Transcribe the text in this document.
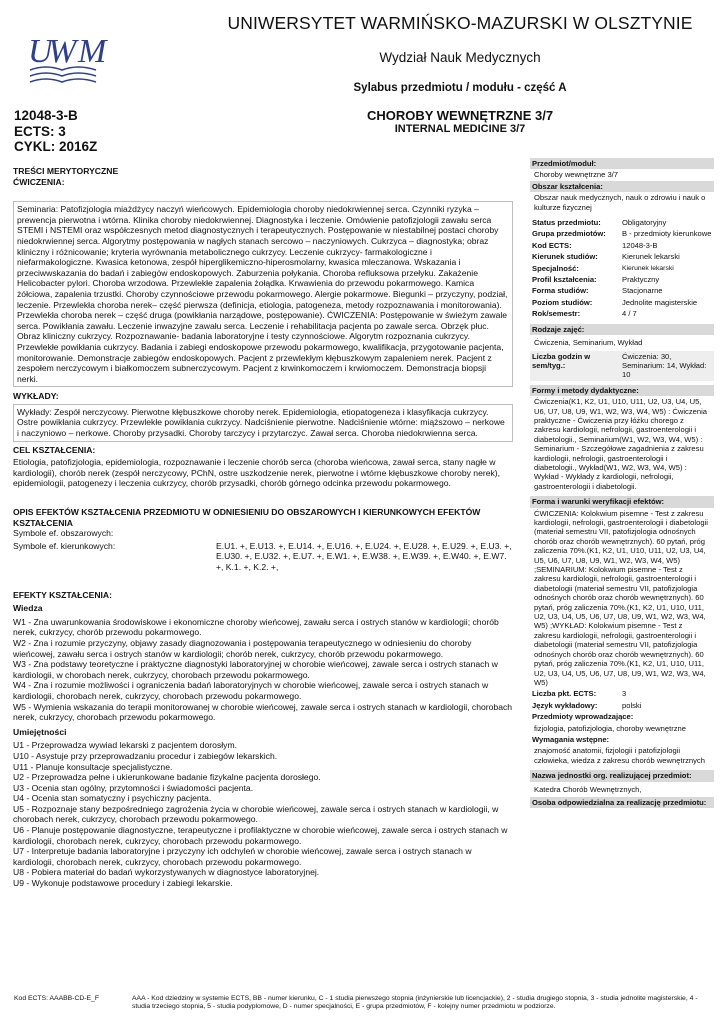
U
W M
UNIWERSYTET WARMIŃSKO-MAZURSKI W OLSZTYNIE
Wydział Nauk Medycznych
Sylabus przedmiotu / modułu - część A
CHOROBY WEWNĘTRZNE 3/7
INTERNAL MEDICINE 3/7
12048-3-B
ECTS: 3
CYKL: 2016Z
TREŚCI MERYTORYCZNE
ĆWICZENIA:

Seminaria: Patofizjologia miażdżycy naczyń wieńcowych. Epidemiologia choroby niedokrwiennej serca. Czynniki ryzyka – prewencja pierwotna i wtórna. Klinika choroby niedokrwiennej. Diagnostyka i leczenie. Omówienie patofizjologii zawału serca STEMI i NSTEMI oraz współczesnych metod diagnostycznych i terapeutycznych. Postępowanie w niestabilnej postaci choroby niedokrwiennej serca. Algorytmy postępowania w nagłych stanach sercowo – naczyniowych. Cukrzyca – diagnostyka; obraz kliniczny i różnicowanie; kryteria wyrównania metabolicznego cukrzycy. Leczenie cukrzycy- farmakologiczne i niefarmakologiczne. Kwasica ketonowa, zespół hiperglikemiczno-hiperosmolarny, kwasica mleczanowa. Wskazania i przeciwwskazania do badań i zabiegów endoskopowych. Zaburzenia połykania. Choroba refluksowa przełyku. Zakażenie Helicobacter pylori. Choroba wrzodowa. Przewlekłe zapalenia żołądka. Krwawienia do przewodu pokarmowego. Kamica żółciowa, zapalenia trzustki. Choroby czynnościowe przewodu pokarmowego. Alergie pokarmowe. Biegunki – przyczyny, podział, leczenie. Przewlekła choroba nerek– część pierwsza (definicja, etiologia, patogeneza, metody rozpoznawania i monitorowania). Przewlekła choroba nerek – część druga (powikłania narządowe, postępowanie). ĆWICZENIA: Postępowanie w świeżym zawale serca. Powikłania zawału. Leczenie inwazyjne zawału serca. Leczenie i rehabilitacja pacjenta po zawale serca. Obrzęk płuc. Obraz kliniczny cukrzycy. Rozpoznawanie- badania laboratoryjne i testy czynnościowe. Algorytm rozpoznania cukrzycy. Przewlekłe powikłania cukrzycy. Badania i zabiegi endoskopowe przewodu pokarmowego, kwalifikacja, przygotowanie pacjenta, monitorowanie. Demonstracje zabiegów endoskopowych. Pacjent z przewlekłym kłębuszkowym zapaleniem nerek. Pacjent z zespołem nerczycowym i białkomoczem subnerczycowym. Pacjent z krwinkomoczem i krwiomoczem. Demonstracja biopsji nerki.

WYKŁADY:

Wykłady: Zespół nerczycowy. Pierwotne kłębuszkowe choroby nerek. Epidemiologia, etiopatogeneza i klasyfikacja cukrzycy. Ostre powikłania cukrzycy. Przewlekłe powikłania cukrzycy. Nadciśnienie pierwotne. Nadciśnienie wtórne: miąższowo – nerkowe i naczyniowo – nerkowe. Choroby przysadki. Choroby tarczycy i przytarczyc. Zawał serca. Choroba niedokrwienna serca.

CEL KSZTAŁCENIA:

Etiologia, patofizjologia, epidemiologia, rozpoznawanie i leczenie chorób serca (choroba wieńcowa, zawał serca, stany nagłe w kardiologii), chorób nerek (zespół nerczycowy, PChN, ostre uszkodzenie nerek, pierwotne i wtórne kłębuszkowe choroby nerek), epidemiologii, patogenezy i leczenia cukrzycy, chorób przysadki, chorób górnego odcinka przewodu pokarmowego.

OPIS EFEKTÓW KSZTAŁCENIA PRZEDMIOTU W ODNIESIENIU DO OBSZAROWYCH I KIERUNKOWYCH EFEKTÓW KSZTAŁCENIA
Symbole ef. obszarowych:
Symbole ef. kierunkowych:	E.U1. +, E.U13. +, E.U14. +, E.U16. +, E.U24. +, E.U28. +, E.U29. +, E.U3. +, E.U30. +, E.U32. +, E.U7. +, E.W1. +, E.W38. +, E.W39. +, E.W40. +, E.W7. +, K.1. +, K.2. +,
EFEKTY KSZTAŁCENIA:
Wiedza

W1 - Zna uwarunkowania środowiskowe i ekonomiczne choroby wieńcowej, zawału serca i ostrych stanów w kardiologii; chorób nerek, cukrzycy, chorób przewodu pokarmowego.
W2 - Zna i rozumie przyczyny, objawy zasady diagnozowania i postępowania terapeutycznego w odniesieniu do choroby wieńcowej, zawału serca i ostrych stanów w kardiologii; chorób nerek, cukrzycy, chorób przewodu pokarmowego.
W3 - Zna podstawy teoretyczne i praktyczne diagnostyki laboratoryjnej w chorobie wieńcowej, zawale serca i ostrych stanach w kardiologii, w chorobach nerek, cukrzycy, chorobach przewodu pokarmowego.
W4 - Zna i rozumie możliwości i ograniczenia badań laboratoryjnych w chorobie wieńcowej, zawale serca i ostrych stanach w kardiologii, chorobach nerek, cukrzycy, chorobach przewodu pokarmowego.
W5 - Wymienia wskazania do terapii monitorowanej w chorobie wieńcowej, zawale serca i ostrych stanach w kardiologii, chorobach nerek, cukrzycy, chorobach przewodu pokarmowego.

Umiejętności

U1 - Przeprowadza wywiad lekarski z pacjentem dorosłym.
U10 - Asystuje przy przeprowadzaniu procedur i zabiegów lekarskich.
U11 - Planuje konsultacje specjalistyczne.
U2 - Przeprowadza pełne i ukierunkowane badanie fizykalne pacjenta dorosłego.
U3 - Ocenia stan ogólny, przytomności i świadomości pacjenta.
U4 - Ocenia stan somatyczny i psychiczny pacjenta.
U5 - Rozpoznaje stany bezpośredniego zagrożenia życia w chorobie wieńcowej, zawale serca i ostrych stanach w kardiologii, w chorobach nerek, cukrzycy, chorobach przewodu pokarmowego.
U6 - Planuje postępowanie diagnostyczne, terapeutyczne i profilaktyczne w chorobie wieńcowej, zawale serca i ostrych stanach w kardiologii, chorobach nerek, cukrzycy, chorobach przewodu pokarmowego.
U7 - Interpretuje badania laboratoryjne i przyczyny ich odchyleń w chorobie wieńcowej, zawale serca i ostrych stanach w kardiologii, chorobach nerek, cukrzycy, chorobach przewodu pokarmowego.
U8 - Pobiera materiał do badań wykorzystywanych w diagnostyce laboratoryjnej.
U9 - Wykonuje podstawowe procedury i zabiegi lekarskie.

Przedmiot/moduł:
Choroby wewnętrzne 3/7
Obszar kształcenia:
Obszar nauk medycznych, nauk o zdrowiu i nauk o kulturze fizycznej
Status przedmiotu:	Obligatoryjny
Grupa przedmiotów:	B - przedmioty kierunkowe
Kod ECTS:	12048-3-B
Kierunek studiów:	Kierunek lekarski
Specjalność:	Kierunek lekarski
Profil kształcenia:	Praktyczny
Forma studiów:	Stacjonarne
Poziom studiów:	Jednolite magisterskie
Rok/semestr:	4 / 7
Rodzaje zajęć:
Ćwiczenia, Seminarium, Wykład
Liczba godzin w sem/tyg.:
Ćwiczenia: 30, Seminarium: 14, Wykład: 10
Formy i metody dydaktyczne:
Ćwiczenia(K1, K2, U1, U10, U11, U2, U3, U4, U5, U6, U7, U8, U9, W1, W2, W3, W4, W5) : Ćwiczenia praktyczne - Ćwiczenia przy łóżku chorego z zakresu kardiologii, nefrologii, gastroenterologii i diabetologii., Seminarium(W1, W2, W3, W4, W5) : Seminarium - Szczegółowe zagadnienia z zakresu kardiologii, nefrologii, gastroenterologii i diabetologii., Wykład(W1, W2, W3, W4, W5) : Wykład - Wykłady z kardiologii, nefrologii, gastroenterologii i diabetologii.
Forma i warunki weryfikacji efektów:
ĆWICZENIA: Kolokwium pisemne - Test z zakresu kardiologii, nefrologii, gastroenterologii i diabetologii (materiał semestru VII, patofizjologia odnośnych chorób oraz chorób wewnętrznych). 60 pytań, próg zaliczenia 70%.(K1, K2, U1, U10, U11, U2, U3, U4, U5, U6, U7, U8, U9, W1, W2, W3, W4, W5) ;SEMINARIUM: Kolokwium pisemne - Test z zakresu kardiologii, nefrologii, gastroenterologii i diabetologii (materiał semestru VII, patofizjologia odnośnych chorób oraz chorób wewnętrznych). 60 pytań, próg zaliczenia 70%.(K1, K2, U1, U10, U11, U2, U3, U4, U5, U6, U7, U8, U9, W1, W2, W3, W4, W5) ;WYKŁAD: Kolokwium pisemne - Test z zakresu kardiologii, nefrologii, gastroenterologii i diabetologii (materiał semestru VII, patofizjologia odnośnych chorób oraz chorób wewnętrznych). 60 pytań, próg zaliczenia 70%.(K1, K2, U1, U10, U11, U2, U3, U4, U5, U6, U7, U8, U9, W1, W2, W3, W4, W5)
Liczba pkt. ECTS:	3
Język wykładowy:	polski
Przedmioty wprowadzające:
fizjologia, patofizjologia, choroby wewnętrzne
Wymagania wstępne:
znajomość anatomii, fizjologii i patofizjologii człowieka, wiedza z zakresu chorób wewnętrznych
Nazwa jednostki org. realizującej przedmiot:
Katedra Chorób Wewnętrznych,
Osoba odpowiedzialna za realizację przedmiotu:
Kod ECTS: AAABB-CD-E_F	AAA - Kod dziedziny w systemie ECTS, BB - numer kierunku, C - 1 studia pierwszego stopnia (inżynierskie lub licencjackie), 2 - studia drugiego stopnia, 3 - studia jednolite magisterskie, 4 - studia trzeciego stopnia, 5 - studia podyplomowe, D - numer specjalności, E - grupa przedmiotów, F - kolejny numer przedmiotu w podziorze.
